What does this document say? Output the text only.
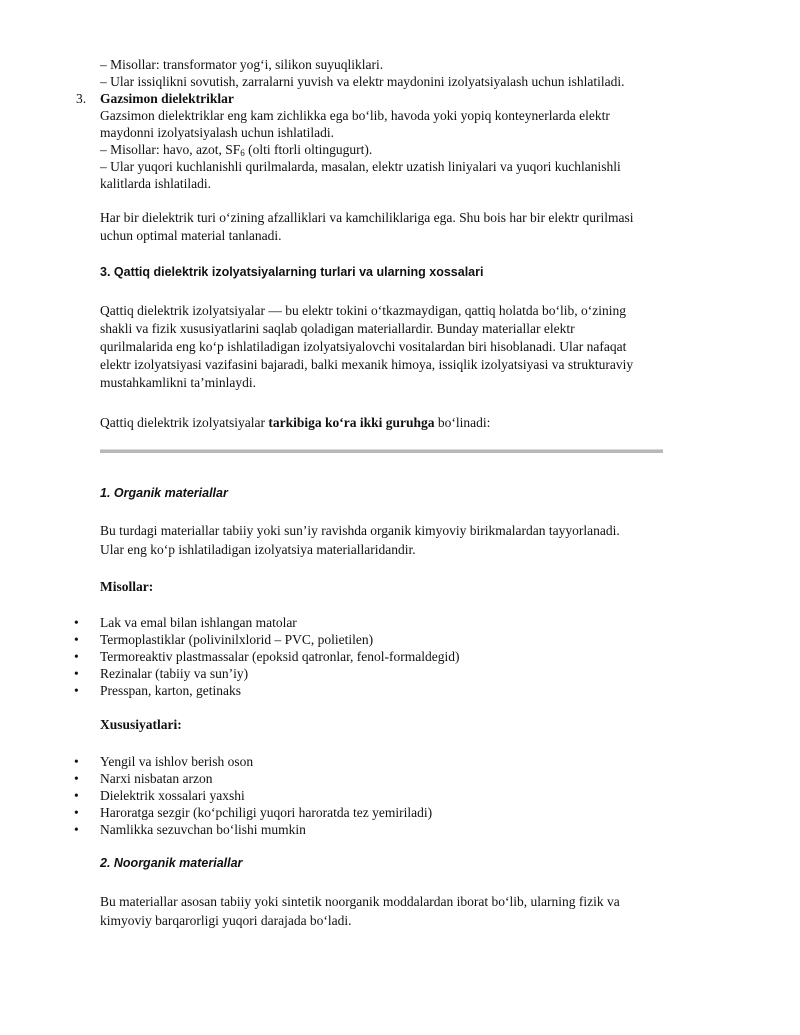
– Misollar: transformator yog‘i, silikon suyuqliklari.
– Ular issiqlikni sovutish, zarralarni yuvish va elektr maydonini izolyatsiyalash uchun ishlatiladi.
3. Gazsimon dielektriklar
Gazsimon dielektriklar eng kam zichlikka ega bo‘lib, havoda yoki yopiq konteynerlarda elektr
maydonni izolyatsiyalash uchun ishlatiladi.
– Misollar: havo, azot, $SF_6$ (olti ftorli oltingugurt).
– Ular yuqori kuchlanishli qurilmalarda, masalan, elektr uzatish liniyalari va yuqori kuchlanishli
kalitlarda ishlatiladi.
Har bir dielektrik turi o‘zining afzalliklari va kamchiliklariga ega. Shu bois har bir elektr qurilmasi
uchun optimal material tanlanadi.
3. Qattiq dielektrik izolyatsiyalarning turlari va ularning xossalari
Qattiq dielektrik izolyatsiyalar — bu elektr tokini o‘tkazmaydigan, qattiq holatda bo‘lib, o‘zining
shakli va fizik xususiyatlarini saqlab qoladigan materiallardir. Bunday materiallar elektr
qurilmalarida eng ko‘p ishlatiladigan izolyatsiyalovchi vositalardan biri hisoblanadi. Ular nafaqat
elektr izolyatsiyasi vazifasini bajaradi, balki mexanik himoya, issiqlik izolyatsiyasi va strukturaviy
mustahkamlikni ta’minlaydi.
Qattiq dielektrik izolyatsiyalar tarkibiga ko‘ra ikki guruhga bo‘linadi:
1. Organik materiallar
Bu turdagi materiallar tabiiy yoki sun’iy ravishda organik kimyoviy birikmalardan tayyorlanadi.
Ular eng ko‘p ishlatiladigan izolyatsiya materiallaridandir.
Misollar:
• Lak va emal bilan ishlangan matolar
• Termoplastiklar (polivinilxlorid – PVC, polietilen)
• Termoreaktiv plastmassalar (epoksid qatronlar, fenol-formaldegid)
• Rezinalar (tabiiy va sun’iy)
• Presspan, karton, getinaks
Xususiyatlari:
• Yengil va ishlov berish oson
• Narxi nisbatan arzon
• Dielektrik xossalari yaxshi
• Haroratga sezgir (ko‘pchiligi yuqori haroratda tez yemiriladi)
• Namlikka sezuvchan bo‘lishi mumkin
2. Noorganik materiallar
Bu materiallar asosan tabiiy yoki sintetik noorganik moddalardan iborat bo‘lib, ularning fizik va
kimyoviy barqarorligi yuqori darajada bo‘ladi.
